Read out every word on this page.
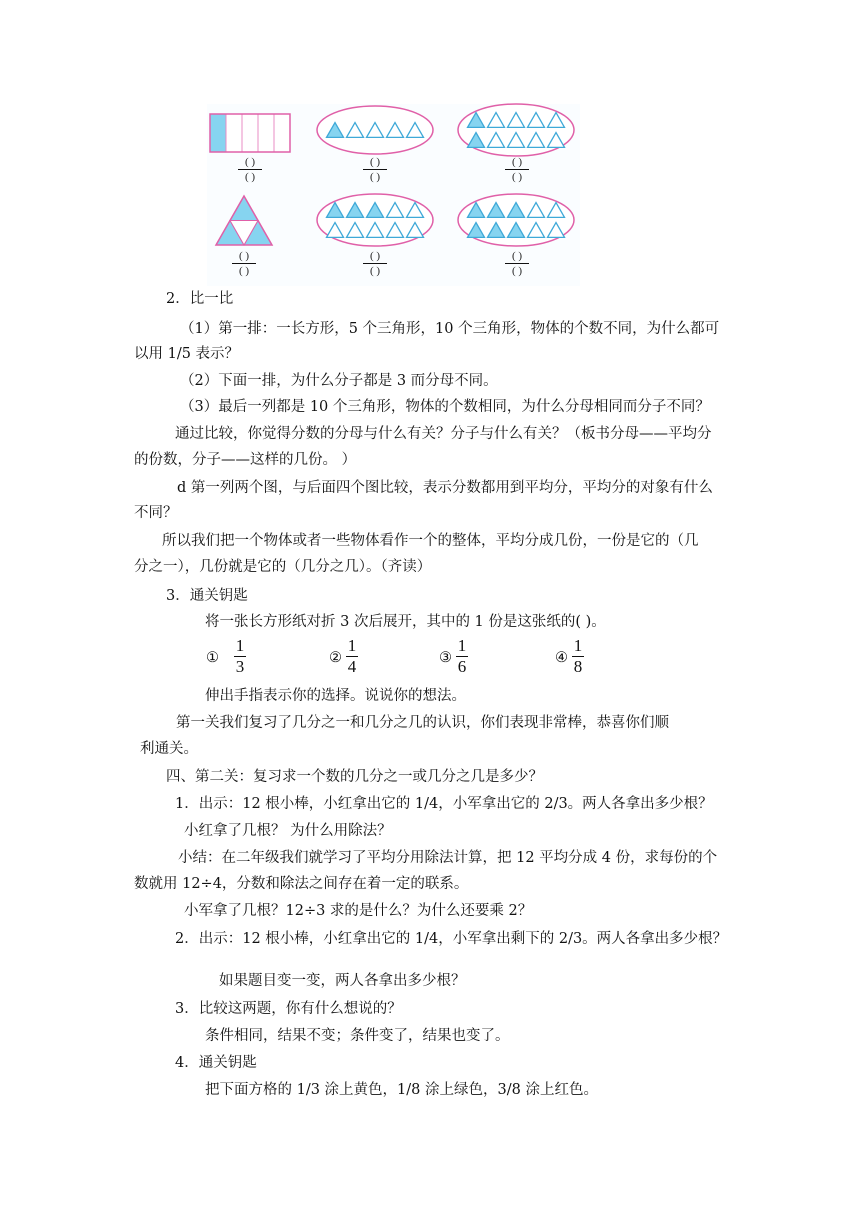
( )
( )
( )
( )
( )
( )
( )
( )
( )
( )
( )
( )
2．比一比
（1）第一排：一长方形，5 个三角形，10 个三角形，物体的个数不同，为什么都可
以用 1/5 表示？
（2）下面一排，为什么分子都是 3 而分母不同。
（3）最后一列都是 10 个三角形，物体的个数相同，为什么分母相同而分子不同？
通过比较，你觉得分数的分母与什么有关？分子与什么有关？（板书分母——平均分
的份数，分子——这样的几份。 ）
d 第一列两个图，与后面四个图比较，表示分数都用到平均分，平均分的对象有什么
不同？
所以我们把一个物体或者一些物体看作一个的整体，平均分成几份，一份是它的（几
分之一），几份就是它的（几分之几）。（齐读）
3．通关钥匙
将一张长方形纸对折 3 次后展开，其中的 1 份是这张纸的( )。
①
1
3	②
1
4	③
1
6	④
1
8
伸出手指表示你的选择。说说你的想法。
第一关我们复习了几分之一和几分之几的认识，你们表现非常棒，恭喜你们顺
利通关。
四、第二关：复习求一个数的几分之一或几分之几是多少？
1．出示：12 根小棒，小红拿出它的 1/4，小军拿出它的 2/3。两人各拿出多少根？
小红拿了几根？ 为什么用除法？
小结：在二年级我们就学习了平均分用除法计算，把 12 平均分成 4 份，求每份的个
数就用 12÷4，分数和除法之间存在着一定的联系。
小军拿了几根？12÷3 求的是什么？为什么还要乘 2？
2．出示：12 根小棒，小红拿出它的 1/4，小军拿出剩下的 2/3。两人各拿出多少根？
如果题目变一变，两人各拿出多少根？
3．比较这两题，你有什么想说的？
条件相同，结果不变；条件变了，结果也变了。
4．通关钥匙
把下面方格的 1/3 涂上黄色，1/8 涂上绿色，3/8 涂上红色。
